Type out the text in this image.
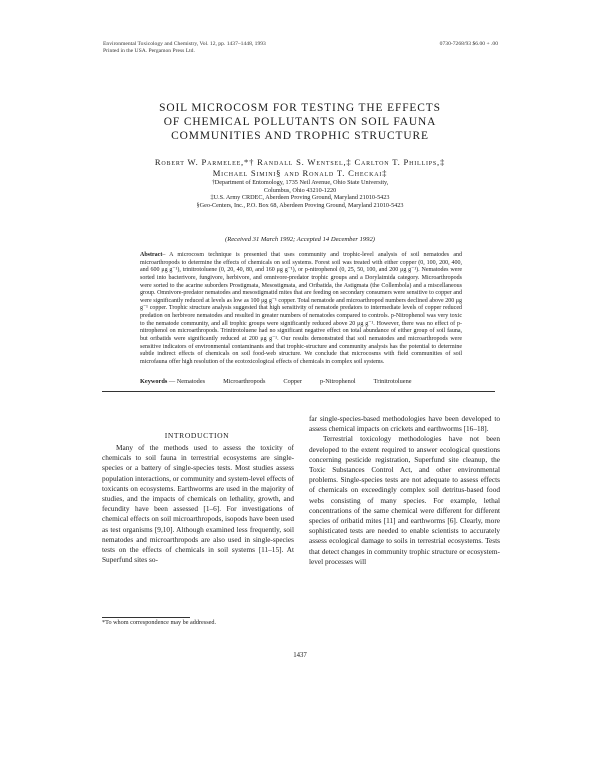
Environmental Toxicology and Chemistry, Vol. 12, pp. 1437–1448, 1993
Printed in the USA. Pergamon Press Ltd.
0730-7268/93 $6.00 + .00
SOIL MICROCOSM FOR TESTING THE EFFECTS
OF CHEMICAL POLLUTANTS ON SOIL FAUNA
COMMUNITIES AND TROPHIC STRUCTURE
Robert W. Parmelee,*† Randall S. Wentsel,‡ Carlton T. Phillips,‡
Michael Simini§ and Ronald T. Checkai‡
†Department of Entomology, 1735 Neil Avenue, Ohio State University,
Columbus, Ohio 43210-1220
‡U.S. Army CRDEC, Aberdeen Proving Ground, Maryland 21010-5423
§Geo-Centers, Inc., P.O. Box 68, Aberdeen Proving Ground, Maryland 21010-5423
(Received 31 March 1992; Accepted 14 December 1992)
Abstract– A microcosm technique is presented that uses community and trophic-level analysis of soil nematodes and microarthropods to determine the effects of chemicals on soil systems. Forest soil was treated with either copper (0, 100, 200, 400, and 600 μg g⁻¹), trinitrotoluene (0, 20, 40, 80, and 160 μg g⁻¹), or p-nitrophenol (0, 25, 50, 100, and 200 μg g⁻¹). Nematodes were sorted into bacterivore, fungivore, herbivore, and omnivore-predator trophic groups and a Dorylaimida category. Microarthropods were sorted to the acarine suborders Prostigmata, Mesostigmata, and Oribatida, the Astigmata (the Collembola) and a miscellaneous group. Omnivore-predator nematodes and mesostigmatid mites that are feeding on secondary consumers were sensitive to copper and were significantly reduced at levels as low as 100 μg g⁻¹ copper. Total nematode and microarthropod numbers declined above 200 μg g⁻¹ copper. Trophic structure analysis suggested that high sensitivity of nematode predators to intermediate levels of copper reduced predation on herbivore nematodes and resulted in greater numbers of nematodes compared to controls. p-Nitrophenol was very toxic to the nematode community, and all trophic groups were significantly reduced above 20 μg g⁻¹. However, there was no effect of p-nitrophenol on microarthropods. Trinitrotoluene had no significant negative effect on total abundance of either group of soil fauna, but oribatids were significantly reduced at 200 μg g⁻¹. Our results demonstrated that soil nematodes and microarthropods were sensitive indicators of environmental contaminants and that trophic-structure and community analysis has the potential to determine subtle indirect effects of chemicals on soil food-web structure. We conclude that microcosms with field communities of soil microfauna offer high resolution of the ecotoxicological effects of chemicals in complex soil systems.
Keywords — Nematodes	Microarthropods	Copper	p-Nitrophenol	Trinitrotoluene
INTRODUCTION
Many of the methods used to assess the toxicity of chemicals to soil fauna in terrestrial ecosystems are single-species or a battery of single-species tests. Most studies assess population interactions, or community and system-level effects of toxicants on ecosystems. Earthworms are used in the majority of studies, and the impacts of chemicals on lethality, growth, and fecundity have been assessed [1–6]. For investigations of chemical effects on soil microarthropods, isopods have been used as test organisms [9,10]. Although examined less frequently, soil nematodes and microarthropods are also used in single-species tests on the effects of chemicals in soil systems [11–15]. At Superfund sites so-

far single-species-based methodologies have been developed to assess chemical impacts on crickets and earthworms [16–18].

Terrestrial toxicology methodologies have not been developed to the extent required to answer ecological questions concerning pesticide registration, Superfund site cleanup, the Toxic Substances Control Act, and other environmental problems. Single-species tests are not adequate to assess effects of chemicals on exceedingly complex soil detritus-based food webs consisting of many species. For example, lethal concentrations of the same chemical were different for different species of oribatid mites [11] and earthworms [6]. Clearly, more sophisticated tests are needed to enable scientists to accurately assess ecological damage to soils in terrestrial ecosystems. Tests that detect changes in community trophic structure or ecosystem-level processes will

*To whom correspondence may be addressed.
1437
